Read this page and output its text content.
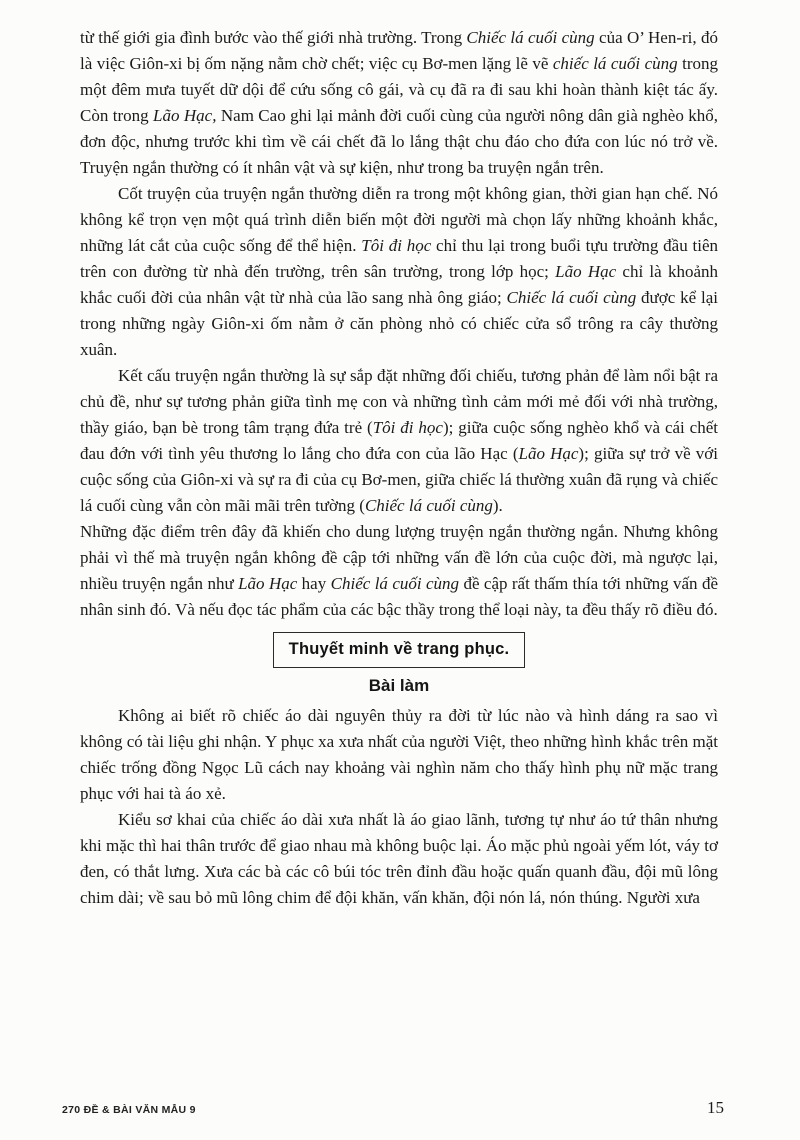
từ thế giới gia đình bước vào thế giới nhà trường. Trong Chiếc lá cuối cùng của O’ Hen-ri, đó là việc Giôn-xi bị ốm nặng nằm chờ chết; việc cụ Bơ-men lặng lẽ vẽ chiếc lá cuối cùng trong một đêm mưa tuyết dữ dội để cứu sống cô gái, và cụ đã ra đi sau khi hoàn thành kiệt tác ấy. Còn trong Lão Hạc, Nam Cao ghi lại mảnh đời cuối cùng của người nông dân già nghèo khổ, đơn độc, nhưng trước khi tìm về cái chết đã lo lắng thật chu đáo cho đứa con lúc nó trở về. Truyện ngắn thường có ít nhân vật và sự kiện, như trong ba truyện ngắn trên.

Cốt truyện của truyện ngắn thường diễn ra trong một không gian, thời gian hạn chế. Nó không kể trọn vẹn một quá trình diễn biến một đời người mà chọn lấy những khoảnh khắc, những lát cắt của cuộc sống để thể hiện. Tôi đi học chỉ thu lại trong buổi tựu trường đầu tiên trên con đường từ nhà đến trường, trên sân trường, trong lớp học; Lão Hạc chỉ là khoảnh khắc cuối đời của nhân vật từ nhà của lão sang nhà ông giáo; Chiếc lá cuối cùng được kể lại trong những ngày Giôn-xi ốm nằm ở căn phòng nhỏ có chiếc cửa sổ trông ra cây thường xuân.

Kết cấu truyện ngắn thường là sự sắp đặt những đối chiếu, tương phản để làm nổi bật ra chủ đề, như sự tương phản giữa tình mẹ con và những tình cảm mới mẻ đối với nhà trường, thầy giáo, bạn bè trong tâm trạng đứa trẻ (Tôi đi học); giữa cuộc sống nghèo khổ và cái chết đau đớn với tình yêu thương lo lắng cho đứa con của lão Hạc (Lão Hạc); giữa sự trở về với cuộc sống của Giôn-xi và sự ra đi của cụ Bơ-men, giữa chiếc lá thường xuân đã rụng và chiếc lá cuối cùng vẫn còn mãi mãi trên tường (Chiếc lá cuối cùng).

Những đặc điểm trên đây đã khiến cho dung lượng truyện ngắn thường ngắn. Nhưng không phải vì thế mà truyện ngắn không đề cập tới những vấn đề lớn của cuộc đời, mà ngược lại, nhiều truyện ngắn như Lão Hạc hay Chiếc lá cuối cùng đề cập rất thấm thía tới những vấn đề nhân sinh đó. Và nếu đọc tác phẩm của các bậc thầy trong thể loại này, ta đều thấy rõ điều đó.

Thuyết minh về trang phục.
Bài làm

Không ai biết rõ chiếc áo dài nguyên thủy ra đời từ lúc nào và hình dáng ra sao vì không có tài liệu ghi nhận. Y phục xa xưa nhất của người Việt, theo những hình khắc trên mặt chiếc trống đồng Ngọc Lũ cách nay khoảng vài nghìn năm cho thấy hình phụ nữ mặc trang phục với hai tà áo xẻ.

Kiểu sơ khai của chiếc áo dài xưa nhất là áo giao lãnh, tương tự như áo tứ thân nhưng khi mặc thì hai thân trước để giao nhau mà không buộc lại. Áo mặc phủ ngoài yếm lót, váy tơ đen, có thắt lưng. Xưa các bà các cô búi tóc trên đỉnh đầu hoặc quấn quanh đầu, đội mũ lông chim dài; về sau bỏ mũ lông chim để đội khăn, vấn khăn, đội nón lá, nón thúng. Người xưa

270 ĐỀ & BÀI VĂN MẪU 9	15
